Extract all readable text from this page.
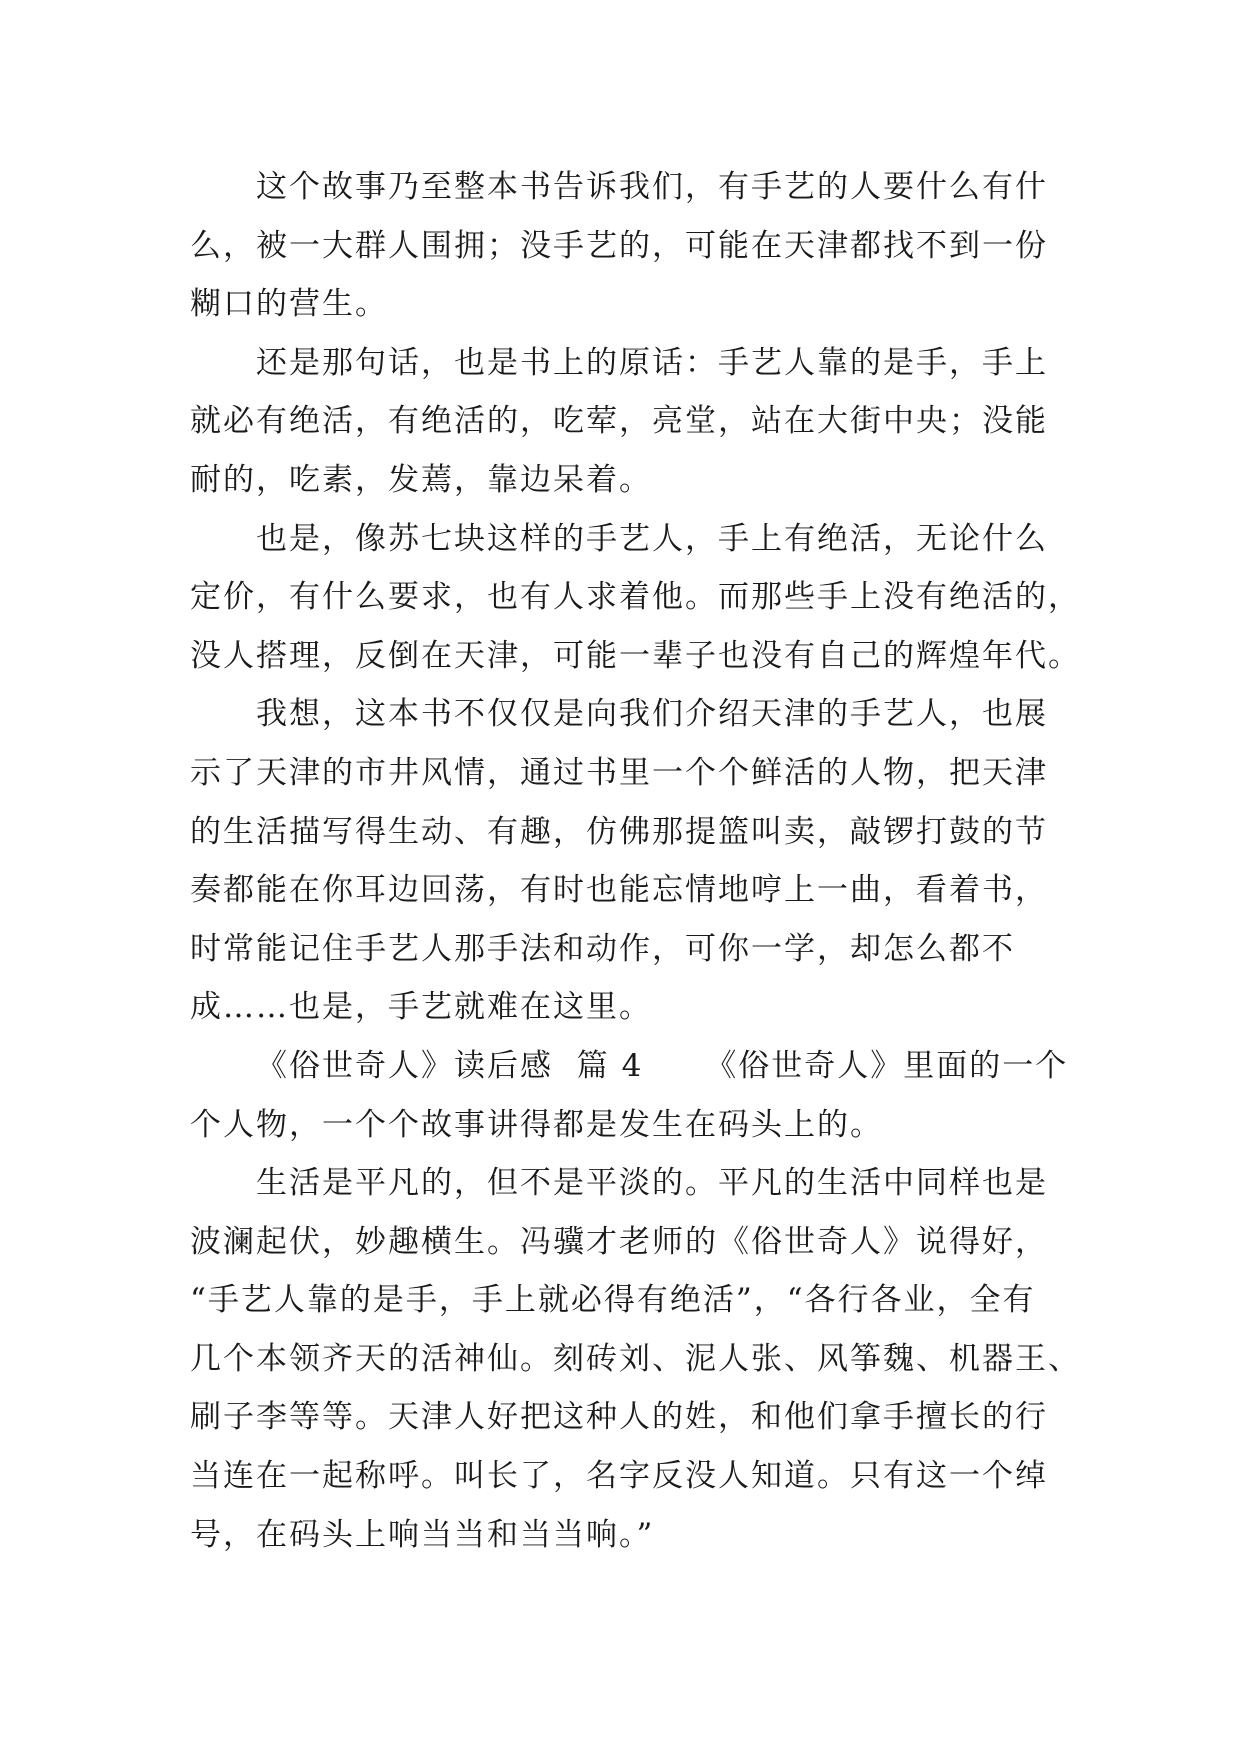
这个故事乃至整本书告诉我们，有手艺的人要什么有什
么，被一大群人围拥；没手艺的，可能在天津都找不到一份
糊口的营生。
还是那句话，也是书上的原话：手艺人靠的是手，手上
就必有绝活，有绝活的，吃荤，亮堂，站在大街中央；没能
耐的，吃素，发蔫，靠边呆着。
也是，像苏七块这样的手艺人，手上有绝活，无论什么
定价，有什么要求，也有人求着他。而那些手上没有绝活的，
没人搭理，反倒在天津，可能一辈子也没有自己的辉煌年代。
我想，这本书不仅仅是向我们介绍天津的手艺人，也展
示了天津的市井风情，通过书里一个个鲜活的人物，把天津
的生活描写得生动、有趣，仿佛那提篮叫卖，敲锣打鼓的节
奏都能在你耳边回荡，有时也能忘情地哼上一曲，看着书，
时常能记住手艺人那手法和动作，可你一学，却怎么都不
成……也是，手艺就难在这里。
《俗世奇人》读后感 篇 4 《俗世奇人》里面的一个
个人物，一个个故事讲得都是发生在码头上的。
生活是平凡的，但不是平淡的。平凡的生活中同样也是
波澜起伏，妙趣横生。冯骥才老师的《俗世奇人》说得好，
“手艺人靠的是手，手上就必得有绝活”，“各行各业，全有
几个本领齐天的活神仙。刻砖刘、泥人张、风筝魏、机器王、
刷子李等等。天津人好把这种人的姓，和他们拿手擅长的行
当连在一起称呼。叫长了，名字反没人知道。只有这一个绰
号，在码头上响当当和当当响。”
